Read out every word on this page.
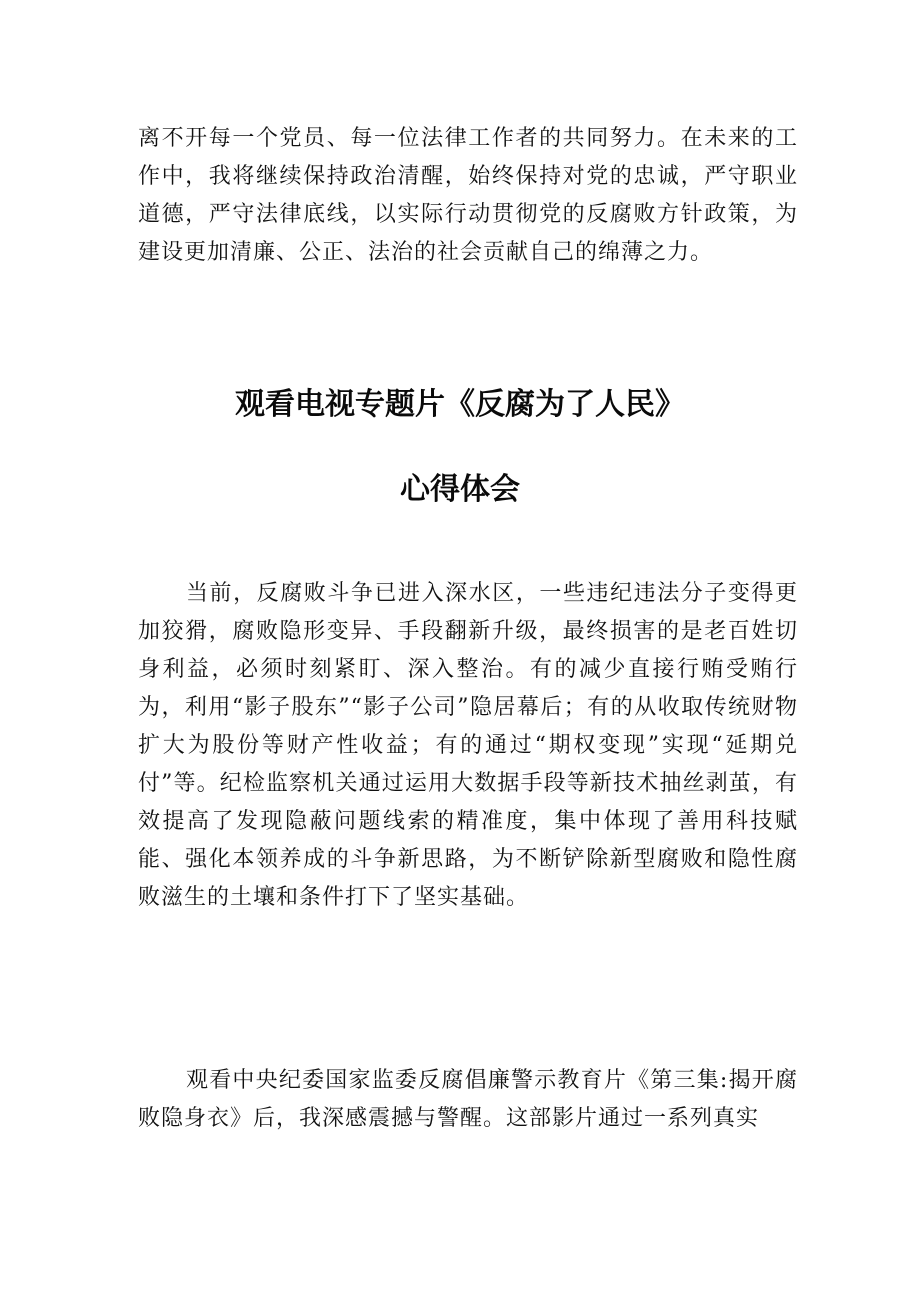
离不开每一个党员、每一位法律工作者的共同努力。在未来的工作中，我将继续保持政治清醒，始终保持对党的忠诚，严守职业道德，严守法律底线，以实际行动贯彻党的反腐败方针政策，为建设更加清廉、公正、法治的社会贡献自己的绵薄之力。

观看电视专题片《反腐为了人民》
心得体会

当前，反腐败斗争已进入深水区，一些违纪违法分子变得更加狡猾，腐败隐形变异、手段翻新升级，最终损害的是老百姓切身利益，必须时刻紧盯、深入整治。有的减少直接行贿受贿行为，利用“影子股东”“影子公司”隐居幕后；有的从收取传统财物扩大为股份等财产性收益；有的通过“期权变现”实现“延期兑付”等。纪检监察机关通过运用大数据手段等新技术抽丝剥茧，有效提高了发现隐蔽问题线索的精准度，集中体现了善用科技赋能、强化本领养成的斗争新思路，为不断铲除新型腐败和隐性腐败滋生的土壤和条件打下了坚实基础。

观看中央纪委国家监委反腐倡廉警示教育片《第三集:揭开腐败隐身衣》后，我深感震撼与警醒。这部影片通过一系列真实
